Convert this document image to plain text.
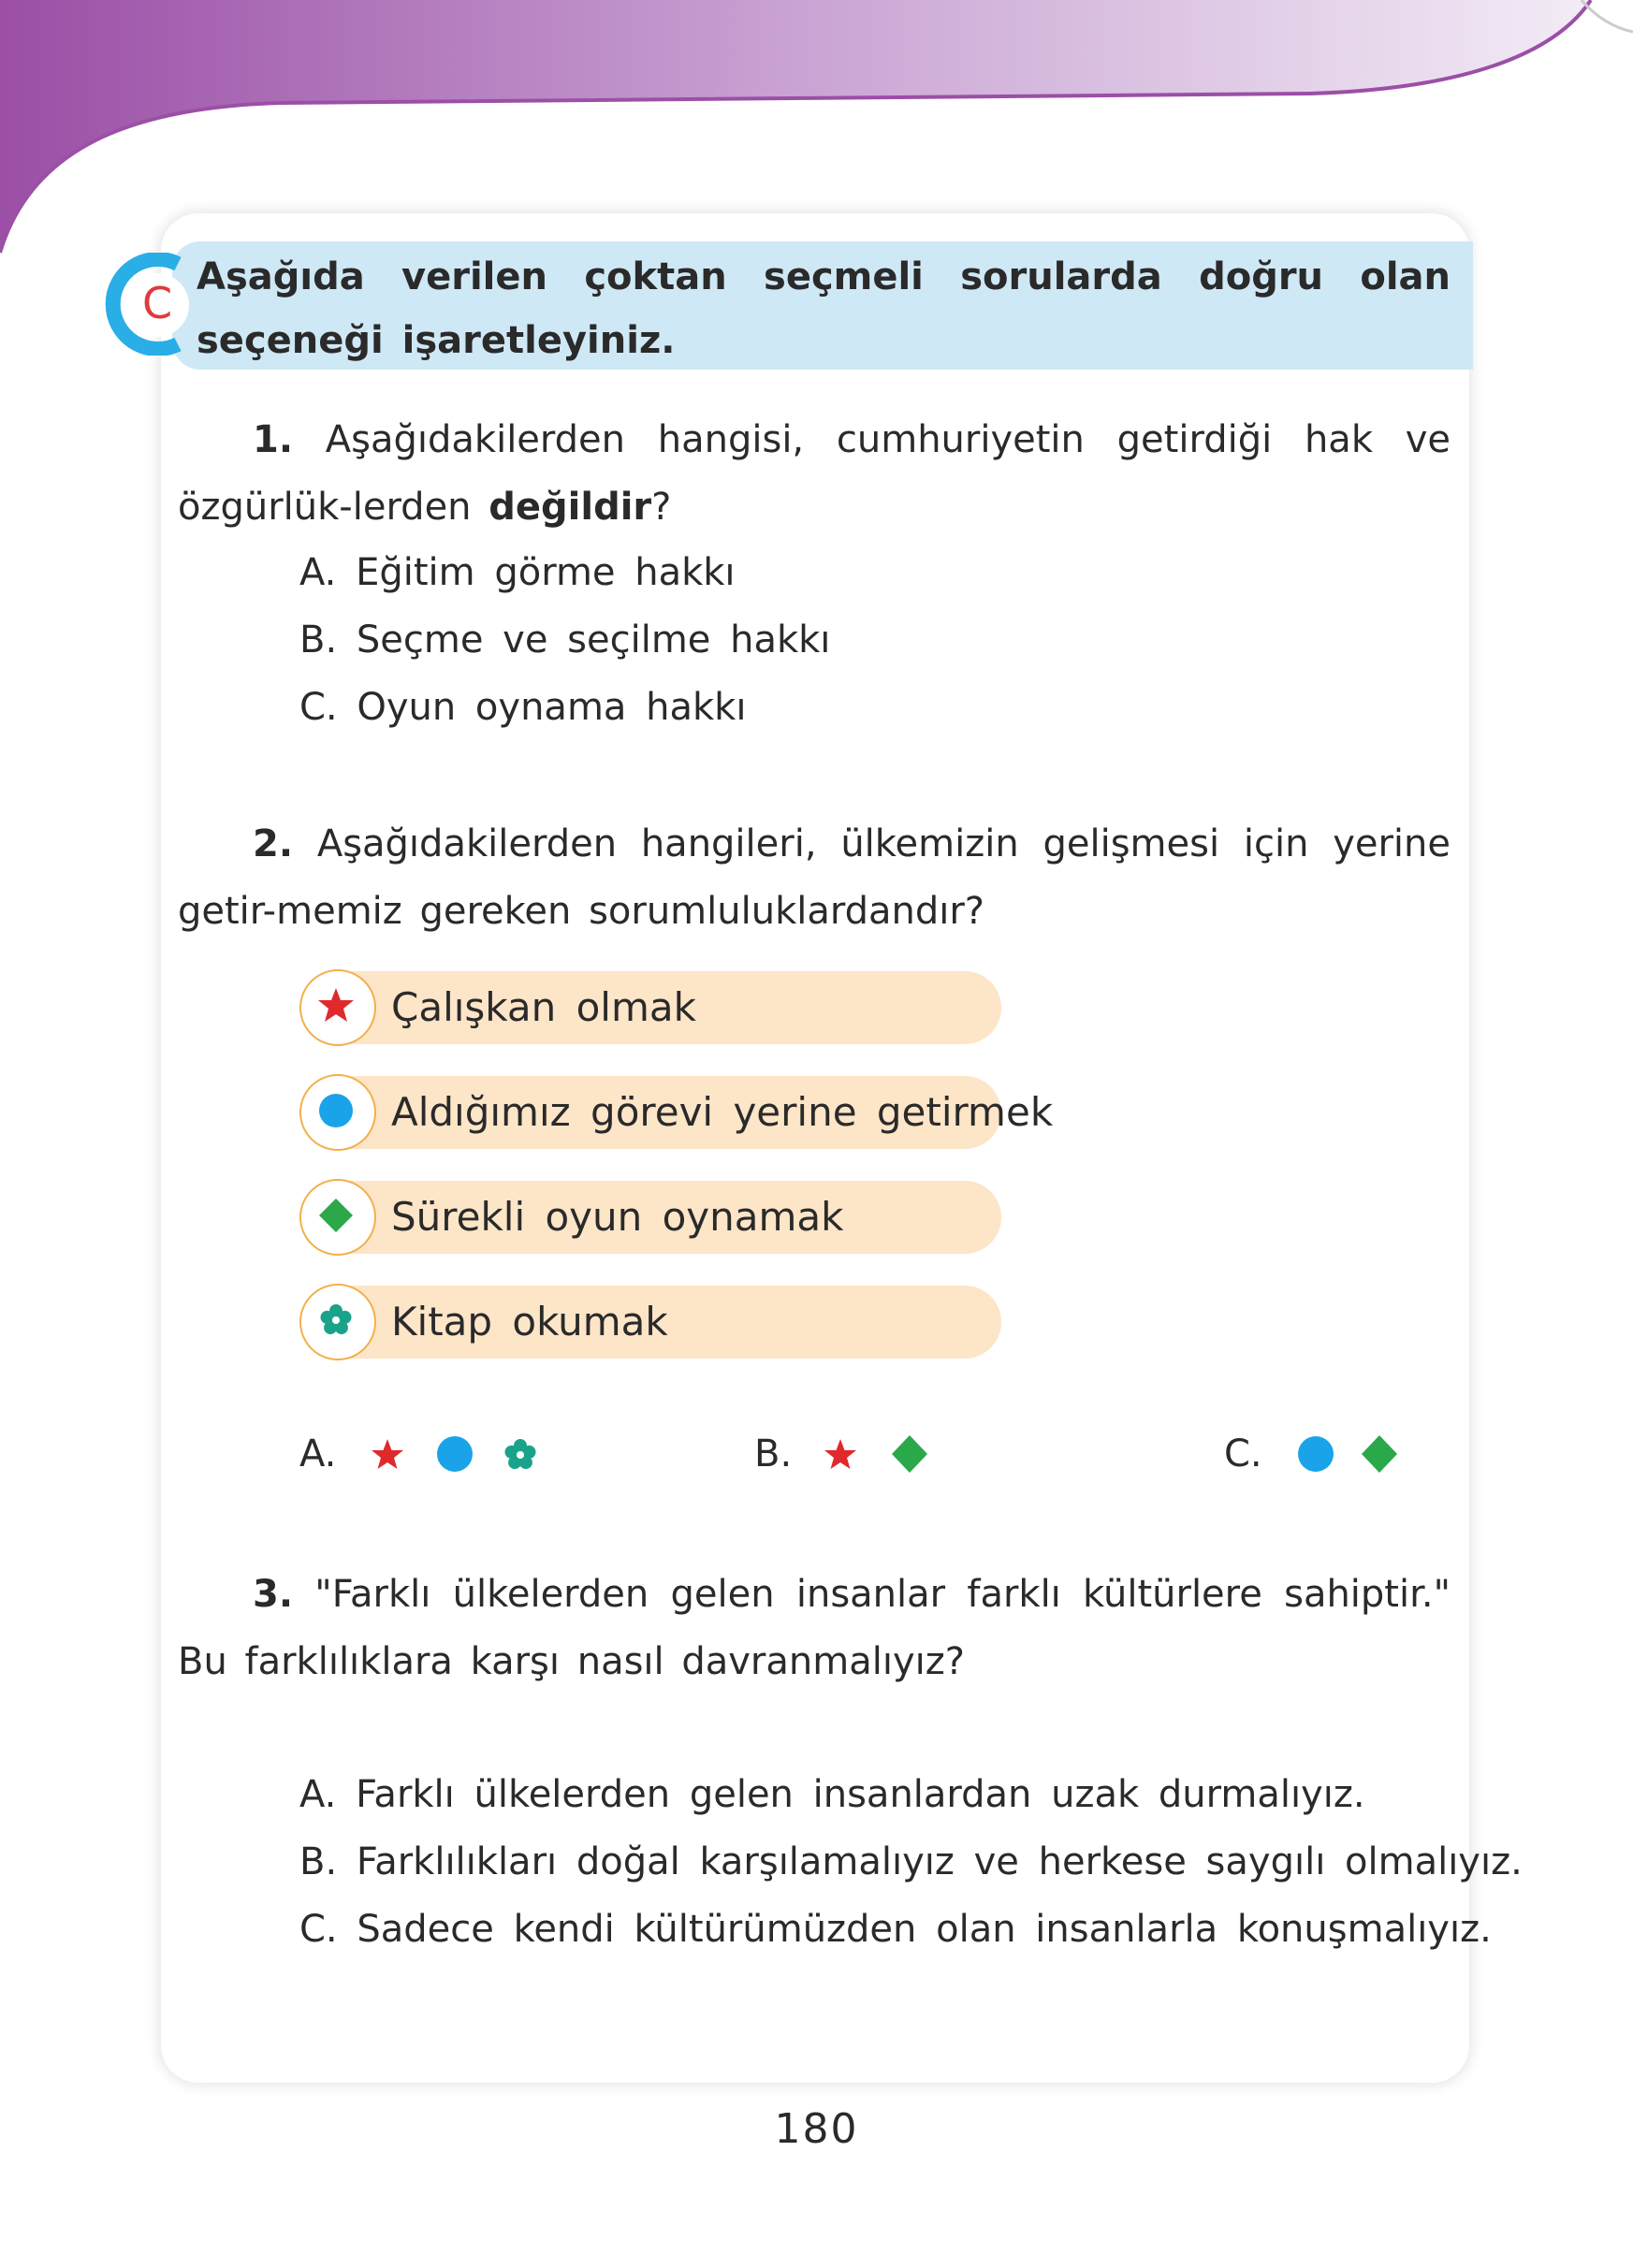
C
Aşağıda verilen çoktan seçmeli sorularda doğru olan seçeneği işaretleyiniz.
1. Aşağıdakilerden hangisi, cumhuriyetin getirdiği hak ve özgürlük-lerden değildir?
A. Eğitim görme hakkı
B. Seçme ve seçilme hakkı
C. Oyun oynama hakkı
2. Aşağıdakilerden hangileri, ülkemizin gelişmesi için yerine getir-memiz gereken sorumluluklardandır?
Çalışkan olmak
Aldığımız görevi yerine getirmek
Sürekli oyun oynamak
Kitap okumak
A.	B.	C.
3. "Farklı ülkelerden gelen insanlar farklı kültürlere sahiptir." Bu farklılıklara karşı nasıl davranmalıyız?
A. Farklı ülkelerden gelen insanlardan uzak durmalıyız.
B. Farklılıkları doğal karşılamalıyız ve herkese saygılı olmalıyız.
C. Sadece kendi kültürümüzden olan insanlarla konuşmalıyız.
180
